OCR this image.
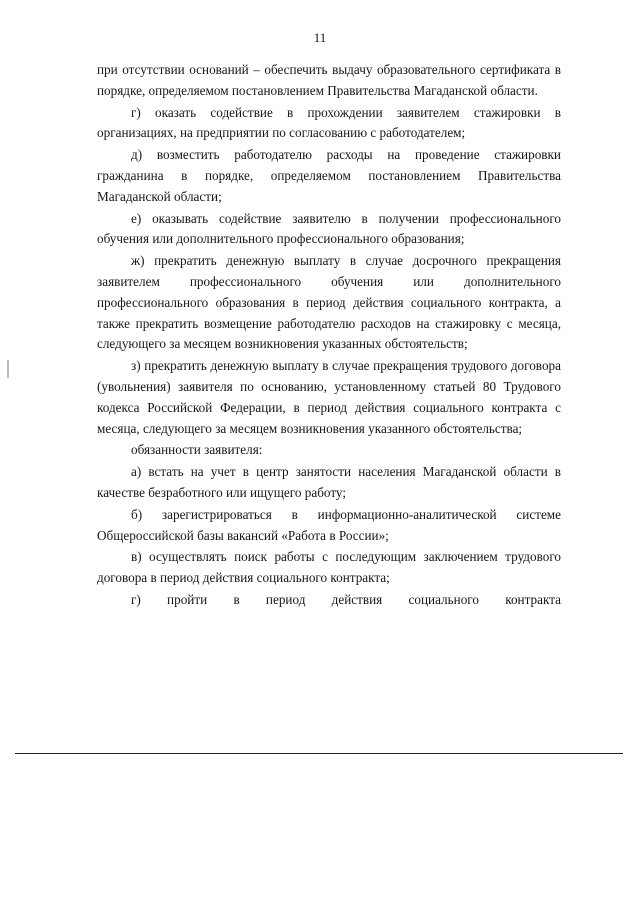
11

при отсутствии оснований – обеспечить выдачу образовательного сертификата в порядке, определяемом постановлением Правительства Магаданской области.

г) оказать содействие в прохождении заявителем стажировки в организациях, на предприятии по согласованию с работодателем;

д) возместить работодателю расходы на проведение стажировки гражданина в порядке, определяемом постановлением Правительства Магаданской области;

е) оказывать содействие заявителю в получении профессионального обучения или дополнительного профессионального образования;

ж) прекратить денежную выплату в случае досрочного прекращения заявителем профессионального обучения или дополнительного профессионального образования в период действия социального контракта, а также прекратить возмещение работодателю расходов на стажировку с месяца, следующего за месяцем возникновения указанных обстоятельств;

з) прекратить денежную выплату в случае прекращения трудового договора (увольнения) заявителя по основанию, установленному статьей 80 Трудового кодекса Российской Федерации, в период действия социального контракта с месяца, следующего за месяцем возникновения указанного обстоятельства;

обязанности заявителя:

а) встать на учет в центр занятости населения Магаданской области в качестве безработного или ищущего работу;

б) зарегистрироваться в информационно-аналитической системе Общероссийской базы вакансий «Работа в России»;

в) осуществлять поиск работы с последующим заключением трудового договора в период действия социального контракта;

г) пройти в период действия социального контракта
